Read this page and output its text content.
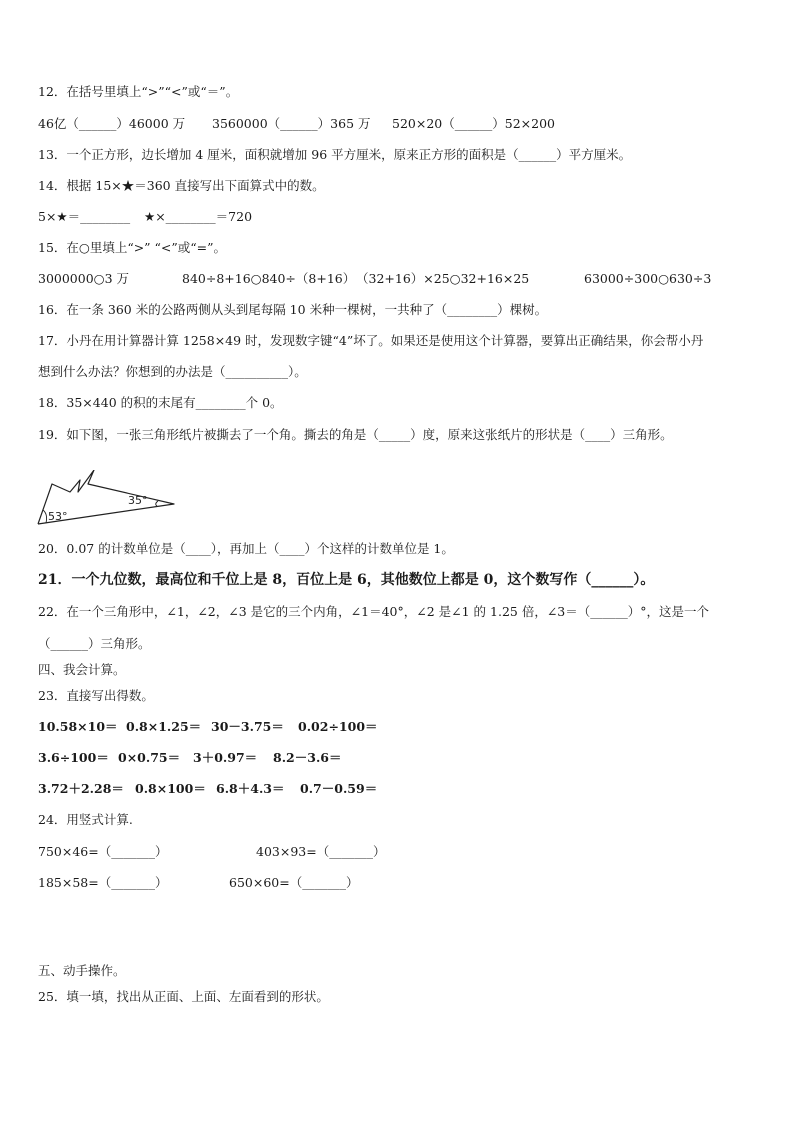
12．在括号里填上“>”“<”或“＝”。
46亿（______）46000 万 3560000（______）365 万 520×20（______）52×200
13．一个正方形，边长增加 4 厘米，面积就增加 96 平方厘米，原来正方形的面积是（______）平方厘米。
14．根据 15×★＝360 直接写出下面算式中的数。
5×★＝________ ★×________＝720
15．在○里填上“>” “<”或“=”。
3000000○3 万	840÷8+16○840÷（8+16） （32+16）×25○32+16×25	63000÷300○630÷3
16．在一条 360 米的公路两侧从头到尾每隔 10 米种一棵树，一共种了（________）棵树。
17．小丹在用计算器计算 1258×49 时，发现数字键“4”坏了。如果还是使用这个计算器，要算出正确结果，你会帮小丹
想到什么办法？你想到的办法是（__________）。
18．35×440 的积的末尾有________个 0。
19．如下图，一张三角形纸片被撕去了一个角。撕去的角是（_____）度，原来这张纸片的形状是（____）三角形。
53°
35°
20．0.07 的计数单位是（____），再加上（____）个这样的计数单位是 1。
21．一个九位数，最高位和千位上是 8，百位上是 6，其他数位上都是 0，这个数写作（______）。
22．在一个三角形中，∠1，∠2，∠3 是它的三个内角，∠1＝40°，∠2 是∠1 的 1.25 倍，∠3＝（______）°，这是一个
（______）三角形。
四、我会计算。
23．直接写出得数。
10.58×10＝ 0.8×1.25＝ 30－3.75＝ 0.02÷100＝
3.6÷100＝ 0×0.75＝ 3＋0.97＝ 8.2－3.6＝
3.72＋2.28＝ 0.8×100＝ 6.8＋4.3＝ 0.7－0.59＝
24．用竖式计算.
750×46=（_______）	403×93=（_______）
185×58=（_______）	650×60=（_______）
五、动手操作。
25．填一填，找出从正面、上面、左面看到的形状。
